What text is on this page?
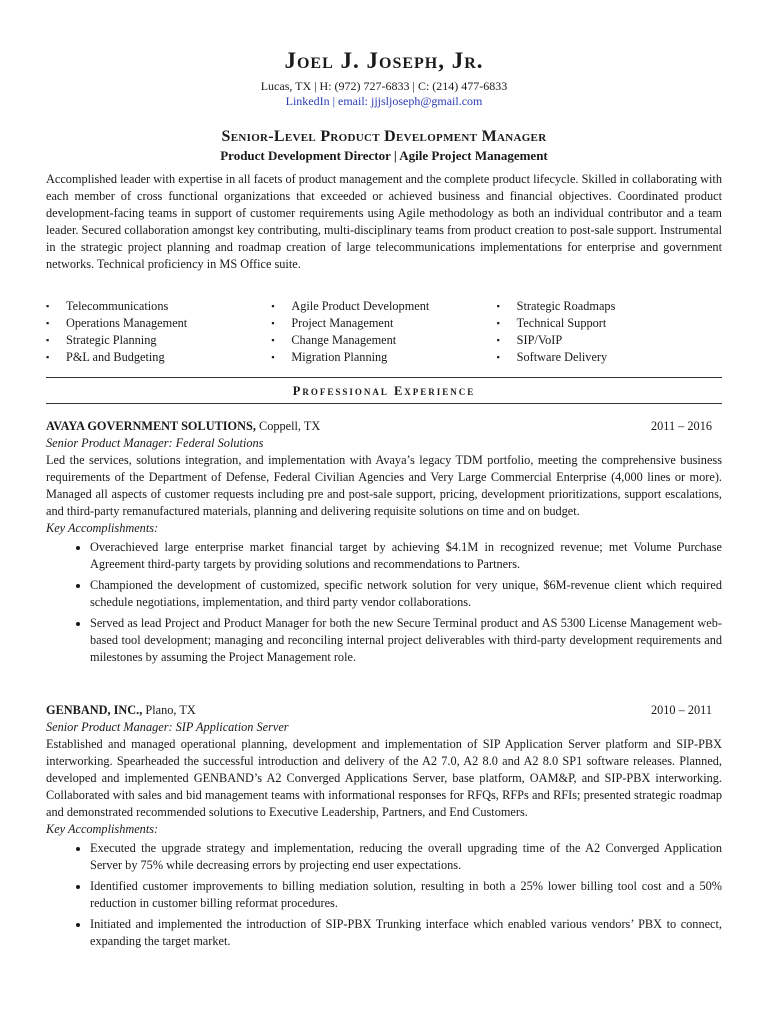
Joel J. Joseph, Jr.
Lucas, TX | H: (972) 727-6833 | C: (214) 477-6833
LinkedIn | email: jjjsljoseph@gmail.com
Senior-Level Product Development Manager
Product Development Director | Agile Project Management
Accomplished leader with expertise in all facets of product management and the complete product lifecycle. Skilled in collaborating with each member of cross functional organizations that exceeded or achieved business and financial objectives. Coordinated product development-facing teams in support of customer requirements using Agile methodology as both an individual contributor and a team leader. Secured collaboration amongst key contributing, multi-disciplinary teams from product creation to post-sale support. Instrumental in the strategic project planning and roadmap creation of large telecommunications implementations for enterprise and government networks. Technical proficiency in MS Office suite.
▪ Telecommunications
▪ Operations Management
▪ Strategic Planning
▪ P&L and Budgeting
▪ Agile Product Development
▪ Project Management
▪ Change Management
▪ Migration Planning
▪ Strategic Roadmaps
▪ Technical Support
▪ SIP/VoIP
▪ Software Delivery
Professional Experience
AVAYA GOVERNMENT SOLUTIONS, Coppell, TX	2011 – 2016
Senior Product Manager: Federal Solutions
Led the services, solutions integration, and implementation with Avaya’s legacy TDM portfolio, meeting the comprehensive business requirements of the Department of Defense, Federal Civilian Agencies and Very Large Commercial Enterprise (4,000 lines or more). Managed all aspects of customer requests including pre and post-sale support, pricing, development prioritizations, support escalations, and third-party remanufactured materials, planning and delivering requisite solutions on time and on budget.
Key Accomplishments:
• Overachieved large enterprise market financial target by achieving $4.1M in recognized revenue; met Volume Purchase Agreement third-party targets by providing solutions and recommendations to Partners.
• Championed the development of customized, specific network solution for very unique, $6M-revenue client which required schedule negotiations, implementation, and third party vendor collaborations.
• Served as lead Project and Product Manager for both the new Secure Terminal product and AS 5300 License Management web-based tool development; managing and reconciling internal project deliverables with third-party development requirements and milestones by assuming the Project Management role.
GENBAND, INC., Plano, TX	2010 – 2011
Senior Product Manager: SIP Application Server
Established and managed operational planning, development and implementation of SIP Application Server platform and SIP-PBX interworking. Spearheaded the successful introduction and delivery of the A2 7.0, A2 8.0 and A2 8.0 SP1 software releases. Planned, developed and implemented GENBAND’s A2 Converged Applications Server, base platform, OAM&P, and SIP-PBX interworking. Collaborated with sales and bid management teams with informational responses for RFQs, RFPs and RFIs; presented strategic roadmap and demonstrated recommended solutions to Executive Leadership, Partners, and End Customers.
Key Accomplishments:
• Executed the upgrade strategy and implementation, reducing the overall upgrading time of the A2 Converged Application Server by 75% while decreasing errors by projecting end user expectations.
• Identified customer improvements to billing mediation solution, resulting in both a 25% lower billing tool cost and a 50% reduction in customer billing reformat procedures.
• Initiated and implemented the introduction of SIP-PBX Trunking interface which enabled various vendors’ PBX to connect, expanding the target market.
